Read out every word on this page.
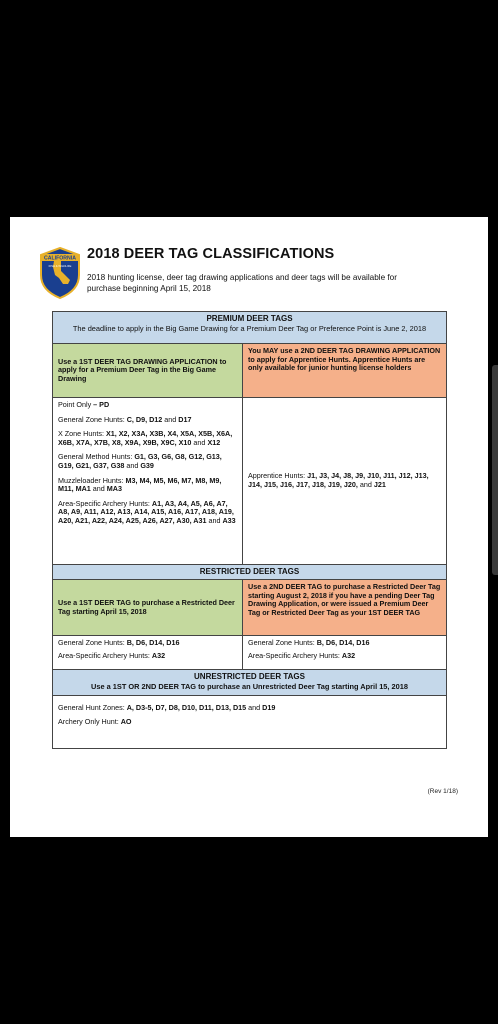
CALIFORNIA
FISH & WILDLIFE
2018 DEER TAG CLASSIFICATIONS
2018 hunting license, deer tag drawing applications and deer tags will be available for purchase beginning April 15, 2018
PREMIUM DEER TAGS
The deadline to apply in the Big Game Drawing for a Premium Deer Tag or Preference Point is June 2, 2018
Use a 1ST DEER TAG DRAWING APPLICATION to apply for a Premium Deer Tag in the Big Game Drawing
You MAY use a 2ND DEER TAG DRAWING APPLICATION to apply for Apprentice Hunts. Apprentice Hunts are only available for junior hunting license holders
Point Only – PD
General Zone Hunts: C, D9, D12 and D17
X Zone Hunts: X1, X2, X3A, X3B, X4, X5A, X5B, X6A, X6B, X7A, X7B, X8, X9A, X9B, X9C, X10 and X12
General Method Hunts: G1, G3, G6, G8, G12, G13, G19, G21, G37, G38 and G39
Muzzleloader Hunts: M3, M4, M5, M6, M7, M8, M9, M11, MA1 and MA3
Area-Specific Archery Hunts: A1, A3, A4, A5, A6, A7, A8, A9, A11, A12, A13, A14, A15, A16, A17, A18, A19, A20, A21, A22, A24, A25, A26, A27, A30, A31 and A33
Apprentice Hunts: J1, J3, J4, J8, J9, J10, J11, J12, J13, J14, J15, J16, J17, J18, J19, J20, and J21
RESTRICTED DEER TAGS
Use a 1ST DEER TAG to purchase a Restricted Deer Tag starting April 15, 2018
Use a 2ND DEER TAG to purchase a Restricted Deer Tag starting August 2, 2018 if you have a pending Deer Tag Drawing Application, or were issued a Premium Deer Tag or Restricted Deer Tag as your 1ST DEER TAG
General Zone Hunts: B, D6, D14, D16
Area-Specific Archery Hunts: A32
General Zone Hunts: B, D6, D14, D16
Area-Specific Archery Hunts: A32
UNRESTRICTED DEER TAGS
Use a 1ST OR 2ND DEER TAG to purchase an Unrestricted Deer Tag starting April 15, 2018
General Hunt Zones: A, D3-5, D7, D8, D10, D11, D13, D15 and D19
Archery Only Hunt: AO
(Rev 1/18)
